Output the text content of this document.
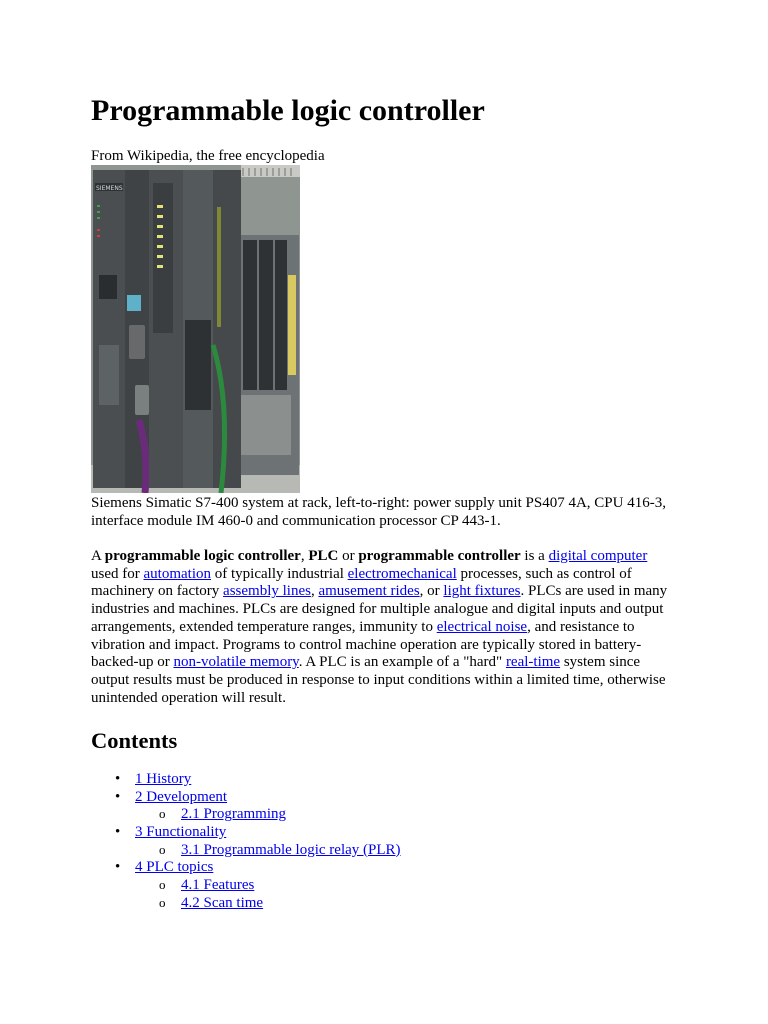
Programmable logic controller

From Wikipedia, the free encyclopedia

SIEMENS

Siemens Simatic S7-400 system at rack, left-to-right: power supply unit PS407 4A, CPU 416-3, interface module IM 460-0 and communication processor CP 443-1.

A programmable logic controller, PLC or programmable controller is a digital computer used for automation of typically industrial electromechanical processes, such as control of machinery on factory assembly lines, amusement rides, or light fixtures. PLCs are used in many industries and machines. PLCs are designed for multiple analogue and digital inputs and output arrangements, extended temperature ranges, immunity to electrical noise, and resistance to vibration and impact. Programs to control machine operation are typically stored in battery-backed-up or non-volatile memory. A PLC is an example of a "hard" real-time system since output results must be produced in response to input conditions within a limited time, otherwise unintended operation will result.

Contents
• 1 History
• 2 Development
o 2.1 Programming
• 3 Functionality
o 3.1 Programmable logic relay (PLR)
• 4 PLC topics
o 4.1 Features
o 4.2 Scan time
